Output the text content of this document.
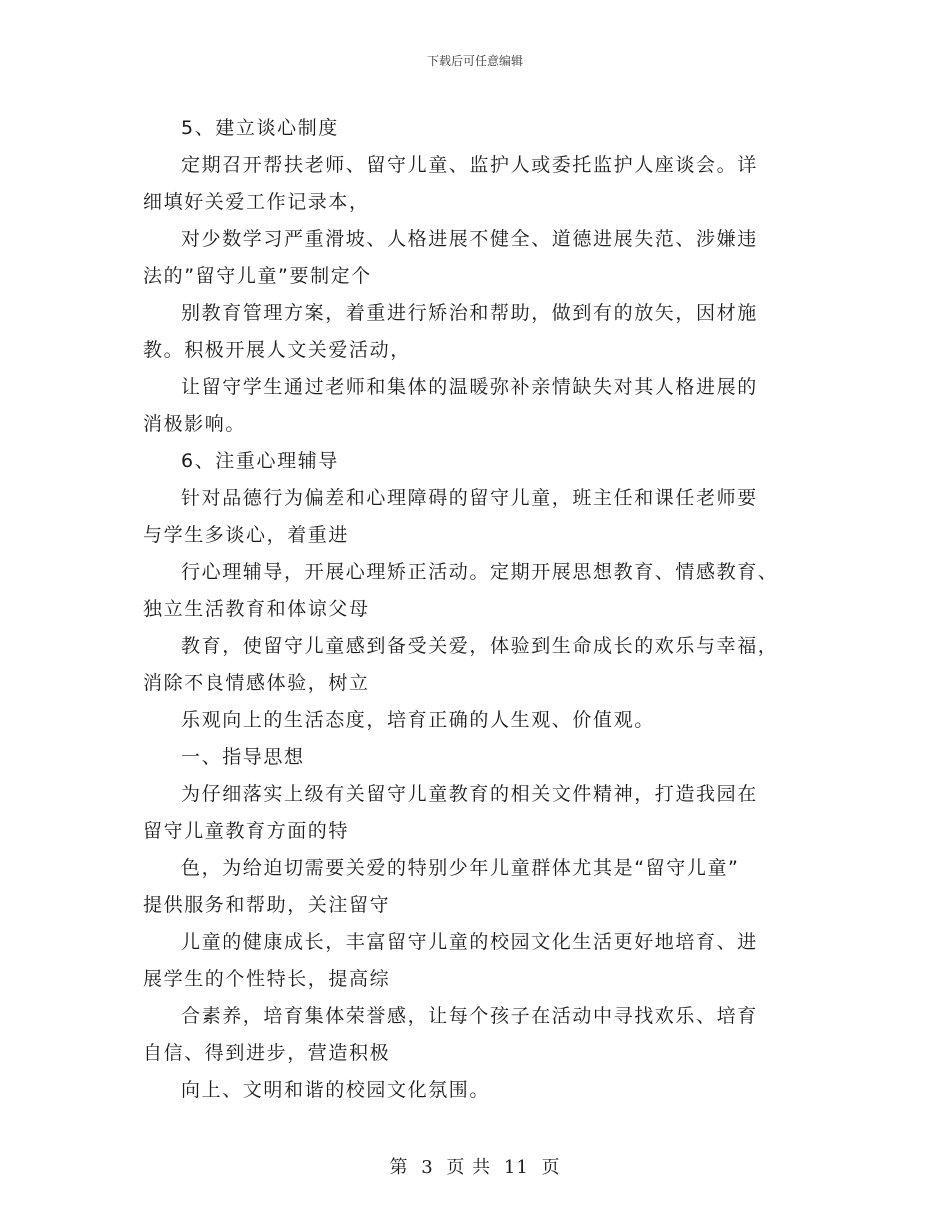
下载后可任意编辑

5、建立谈心制度

定期召开帮扶老师、留守儿童、监护人或委托监护人座谈会。详

细填好关爱工作记录本，

对少数学习严重滑坡、人格进展不健全、道德进展失范、涉嫌违

法的”留守儿童”要制定个

别教育管理方案，着重进行矫治和帮助，做到有的放矢，因材施

教。积极开展人文关爱活动，

让留守学生通过老师和集体的温暖弥补亲情缺失对其人格进展的

消极影响。

6、注重心理辅导

针对品德行为偏差和心理障碍的留守儿童，班主任和课任老师要

与学生多谈心，着重进

行心理辅导，开展心理矫正活动。定期开展思想教育、情感教育、

独立生活教育和体谅父母

教育，使留守儿童感到备受关爱，体验到生命成长的欢乐与幸福，

消除不良情感体验，树立

乐观向上的生活态度，培育正确的人生观、价值观。

一、指导思想

为仔细落实上级有关留守儿童教育的相关文件精神，打造我园在

留守儿童教育方面的特

色，为给迫切需要关爱的特别少年儿童群体尤其是“留守儿童”

提供服务和帮助，关注留守

儿童的健康成长，丰富留守儿童的校园文化生活更好地培育、进

展学生的个性特长，提高综

合素养，培育集体荣誉感，让每个孩子在活动中寻找欢乐、培育

自信、得到进步，营造积极

向上、文明和谐的校园文化氛围。

第 3 页 共 11 页
